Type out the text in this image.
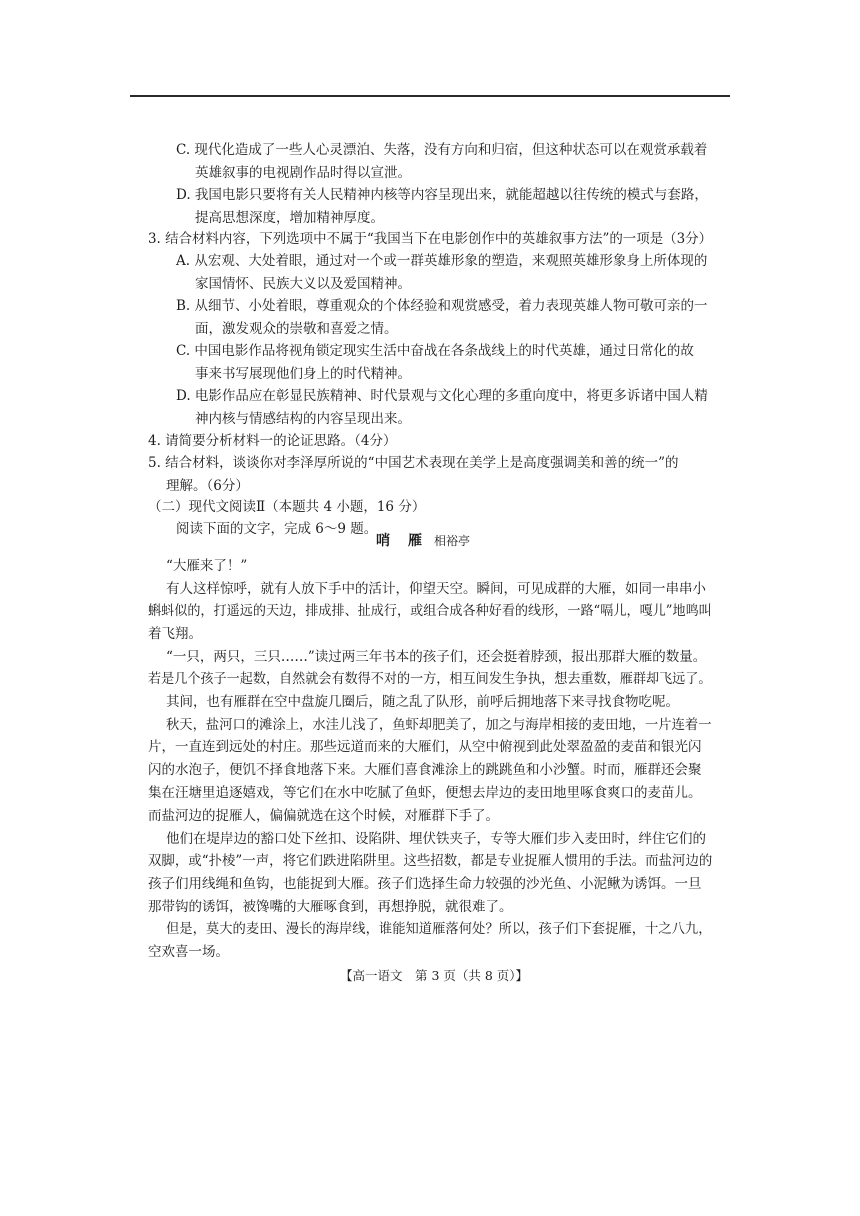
C. 现代化造成了一些人心灵漂泊、失落，没有方向和归宿，但这种状态可以在观赏承载着
英雄叙事的电视剧作品时得以宣泄。
D. 我国电影只要将有关人民精神内核等内容呈现出来，就能超越以往传统的模式与套路，
提高思想深度，增加精神厚度。
3. 结合材料内容，下列选项中不属于“我国当下在电影创作中的英雄叙事方法”的一项是（3分）
A. 从宏观、大处着眼，通过对一个或一群英雄形象的塑造，来观照英雄形象身上所体现的
家国情怀、民族大义以及爱国精神。
B. 从细节、小处着眼，尊重观众的个体经验和观赏感受，着力表现英雄人物可敬可亲的一
面，激发观众的崇敬和喜爱之情。
C. 中国电影作品将视角锁定现实生活中奋战在各条战线上的时代英雄，通过日常化的故
事来书写展现他们身上的时代精神。
D. 电影作品应在彰显民族精神、时代景观与文化心理的多重向度中，将更多诉诸中国人精
神内核与情感结构的内容呈现出来。
4. 请简要分析材料一的论证思路。（4分）
5. 结合材料，谈谈你对李泽厚所说的“中国艺术表现在美学上是高度强调美和善的统一”的
理解。（6分）
（二）现代文阅读Ⅱ（本题共 4 小题，16 分）
阅读下面的文字，完成 6～9 题。
哨　雁 相裕亭
“大雁来了！”
有人这样惊呼，就有人放下手中的活计，仰望天空。瞬间，可见成群的大雁，如同一串串小
蝌蚪似的，打遥远的天边，排成排、扯成行，或组合成各种好看的线形，一路“嗝儿，嘎儿”地鸣叫
着飞翔。
“一只，两只，三只……”读过两三年书本的孩子们，还会挺着脖颈，报出那群大雁的数量。
若是几个孩子一起数，自然就会有数得不对的一方，相互间发生争执，想去重数，雁群却飞远了。
其间，也有雁群在空中盘旋几圈后，随之乱了队形，前呼后拥地落下来寻找食物吃呢。
秋天，盐河口的滩涂上，水洼儿浅了，鱼虾却肥美了，加之与海岸相接的麦田地，一片连着一
片，一直连到远处的村庄。那些远道而来的大雁们，从空中俯视到此处翠盈盈的麦苗和银光闪
闪的水泡子，便饥不择食地落下来。大雁们喜食滩涂上的跳跳鱼和小沙蟹。时而，雁群还会聚
集在汪塘里追逐嬉戏，等它们在水中吃腻了鱼虾，便想去岸边的麦田地里啄食爽口的麦苗儿。
而盐河边的捉雁人，偏偏就选在这个时候，对雁群下手了。
他们在堤岸边的豁口处下丝扣、设陷阱、埋伏铁夹子，专等大雁们步入麦田时，绊住它们的
双脚，或“扑棱”一声，将它们跌进陷阱里。这些招数，都是专业捉雁人惯用的手法。而盐河边的
孩子们用线绳和鱼钩，也能捉到大雁。孩子们选择生命力较强的沙光鱼、小泥鳅为诱饵。一旦
那带钩的诱饵，被馋嘴的大雁啄食到，再想挣脱，就很难了。
但是，莫大的麦田、漫长的海岸线，谁能知道雁落何处？所以，孩子们下套捉雁，十之八九，
空欢喜一场。
【高一语文　第 3 页（共 8 页）】
